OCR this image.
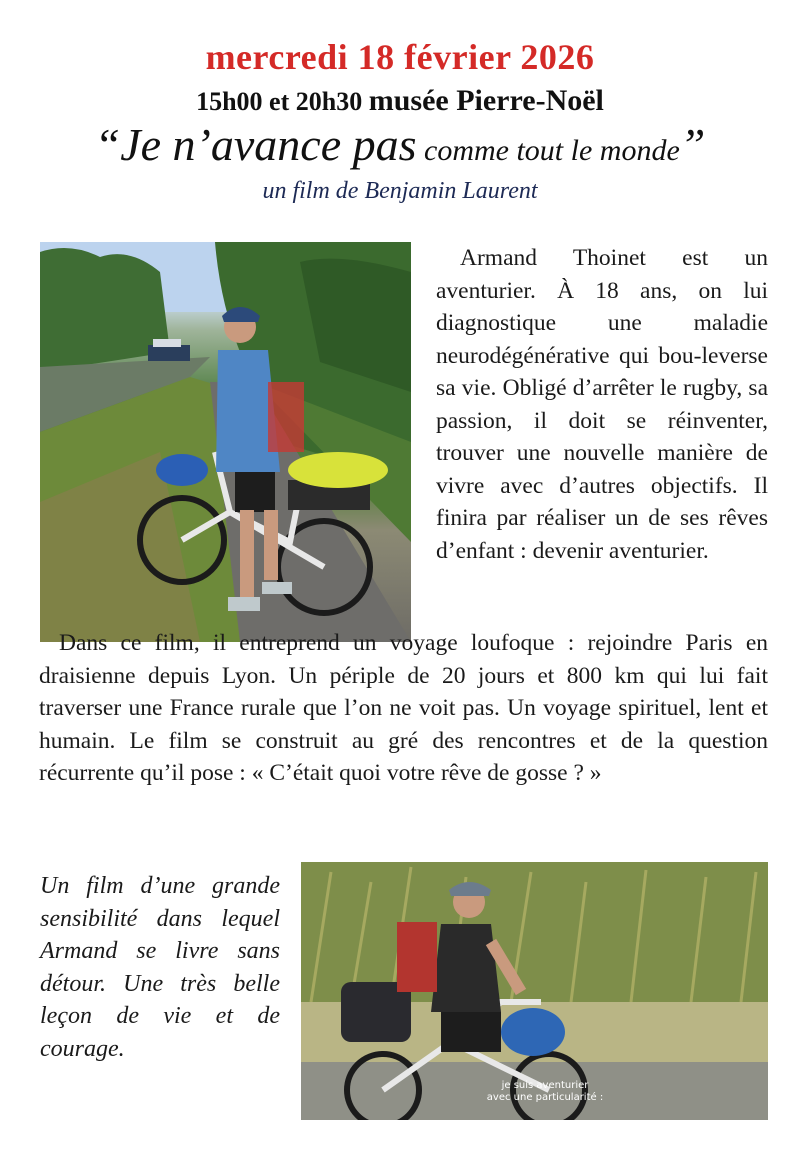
mercredi 18 février 2026
15h00 et 20h30 musée Pierre-Noël
“Je n’avance pas comme tout le monde”
un film de Benjamin Laurent

Armand Thoinet est un aventurier. À 18 ans, on lui diagnostique une maladie neurodégénérative qui bou-leverse sa vie. Obligé d’arrêter le rugby, sa passion, il doit se réinventer, trouver une nouvelle manière de vivre avec d’autres objectifs. Il finira par réaliser un de ses rêves d’enfant : devenir aventurier.

Dans ce film, il entreprend un voyage loufoque : rejoindre Paris en draisienne depuis Lyon. Un périple de 20 jours et 800 km qui lui fait traverser une France rurale que l’on ne voit pas. Un voyage spirituel, lent et humain. Le film se construit au gré des rencontres et de la question récurrente qu’il pose : « C’était quoi votre rêve de gosse ? »

Un film d’une grande sensibilité dans lequel Armand se livre sans détour. Une très belle leçon de vie et de courage.

je suis aventurier
avec une particularité :
